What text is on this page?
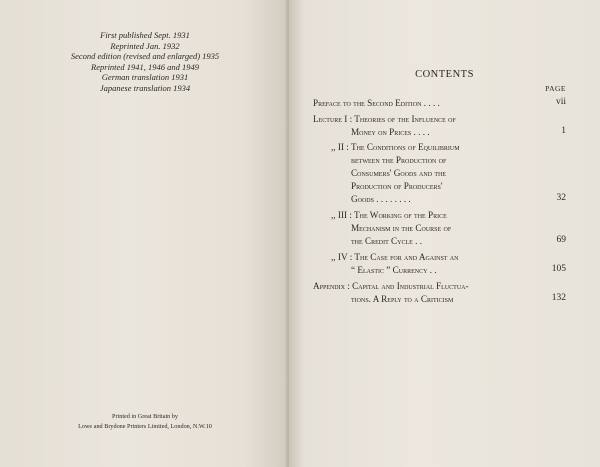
First published Sept. 1931
Reprinted Jan. 1932
Second edition (revised and enlarged) 1935
Reprinted 1941, 1946 and 1949
German translation 1931
Japanese translation 1934
Printed in Great Britain by
Lowe and Brydone Printers Limited, London, N.W.10
CONTENTS
PAGE
Preface to the Second Edition . . . .	vii
Lecture I : Theories of the Influence of
Money on Prices . . . .	1
,, II : The Conditions of Equilibrium
between the Production of
Consumers' Goods and the
Production of Producers'
Goods . . . . . . . .	32
,, III : The Working of the Price
Mechanism in the Course of
the Credit Cycle . .	69
,, IV : The Case for and Against an
“ Elastic ” Currency . .	105
Appendix : Capital and Industrial Fluctua-
tions. A Reply to a Criticism	132
